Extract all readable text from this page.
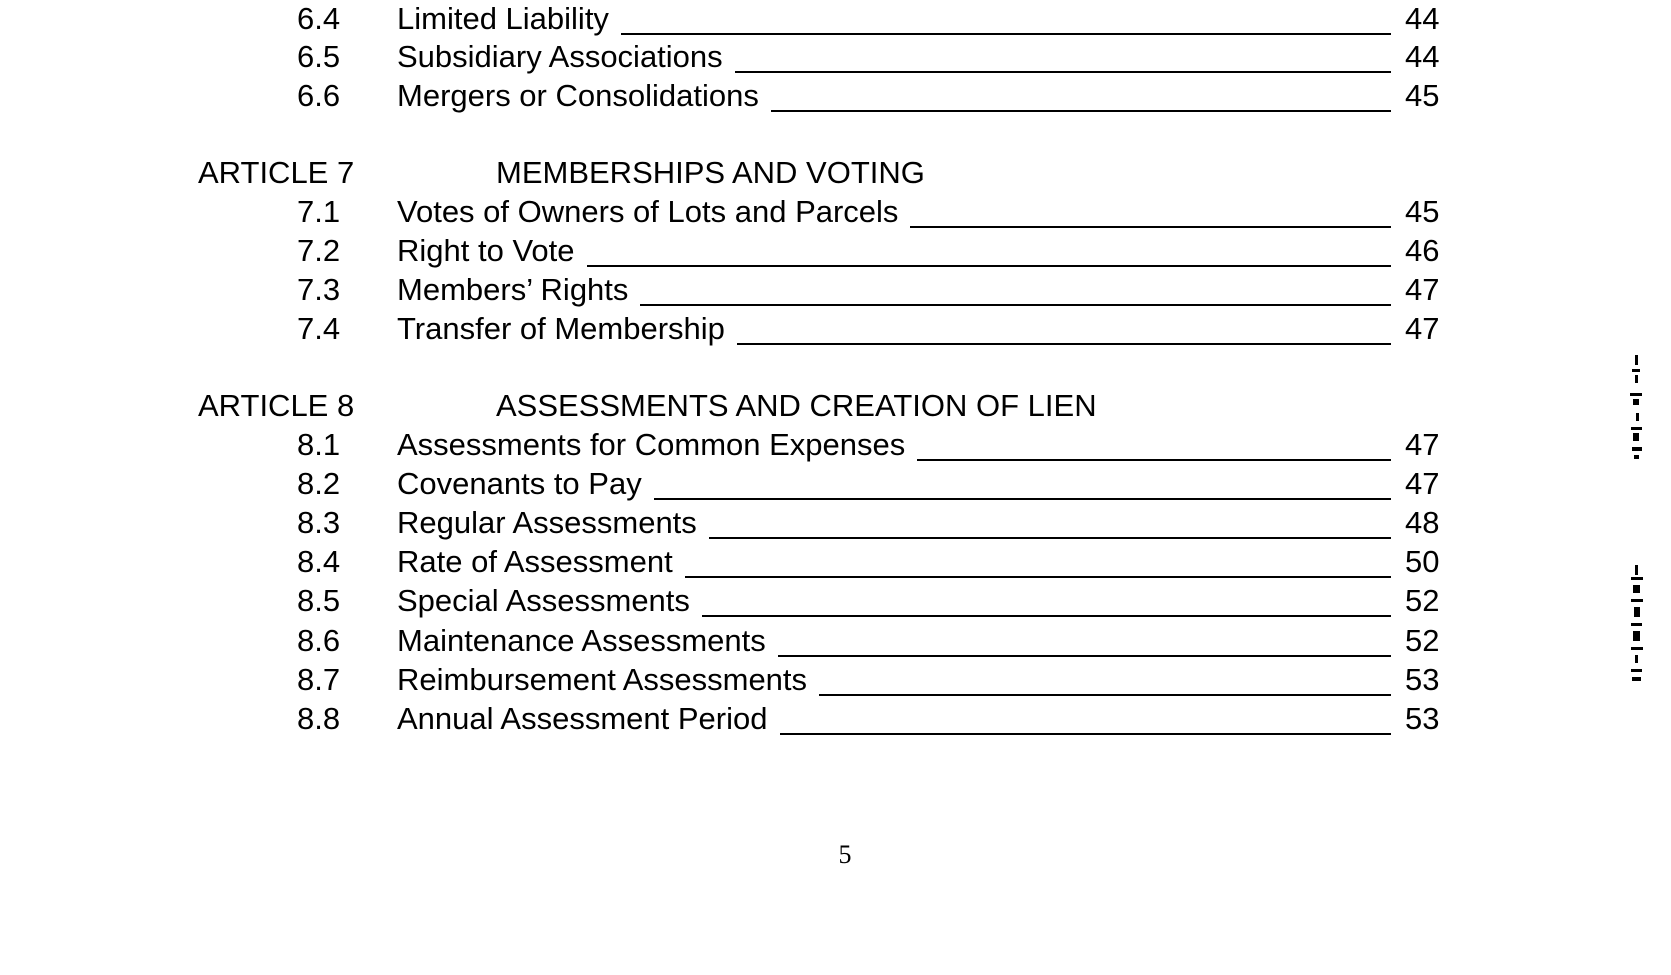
6.4 Limited Liability	44
6.5 Subsidiary Associations	44
6.6 Mergers or Consolidations	45
ARTICLE 7	MEMBERSHIPS AND VOTING
7.1 Votes of Owners of Lots and Parcels	45
7.2 Right to Vote	46
7.3 Members’ Rights	47
7.4 Transfer of Membership	47
ARTICLE 8	ASSESSMENTS AND CREATION OF LIEN
8.1 Assessments for Common Expenses	47
8.2 Covenants to Pay	47
8.3 Regular Assessments	48
8.4 Rate of Assessment	50
8.5 Special Assessments	52
8.6 Maintenance Assessments	52
8.7 Reimbursement Assessments	53
8.8 Annual Assessment Period	53
5
